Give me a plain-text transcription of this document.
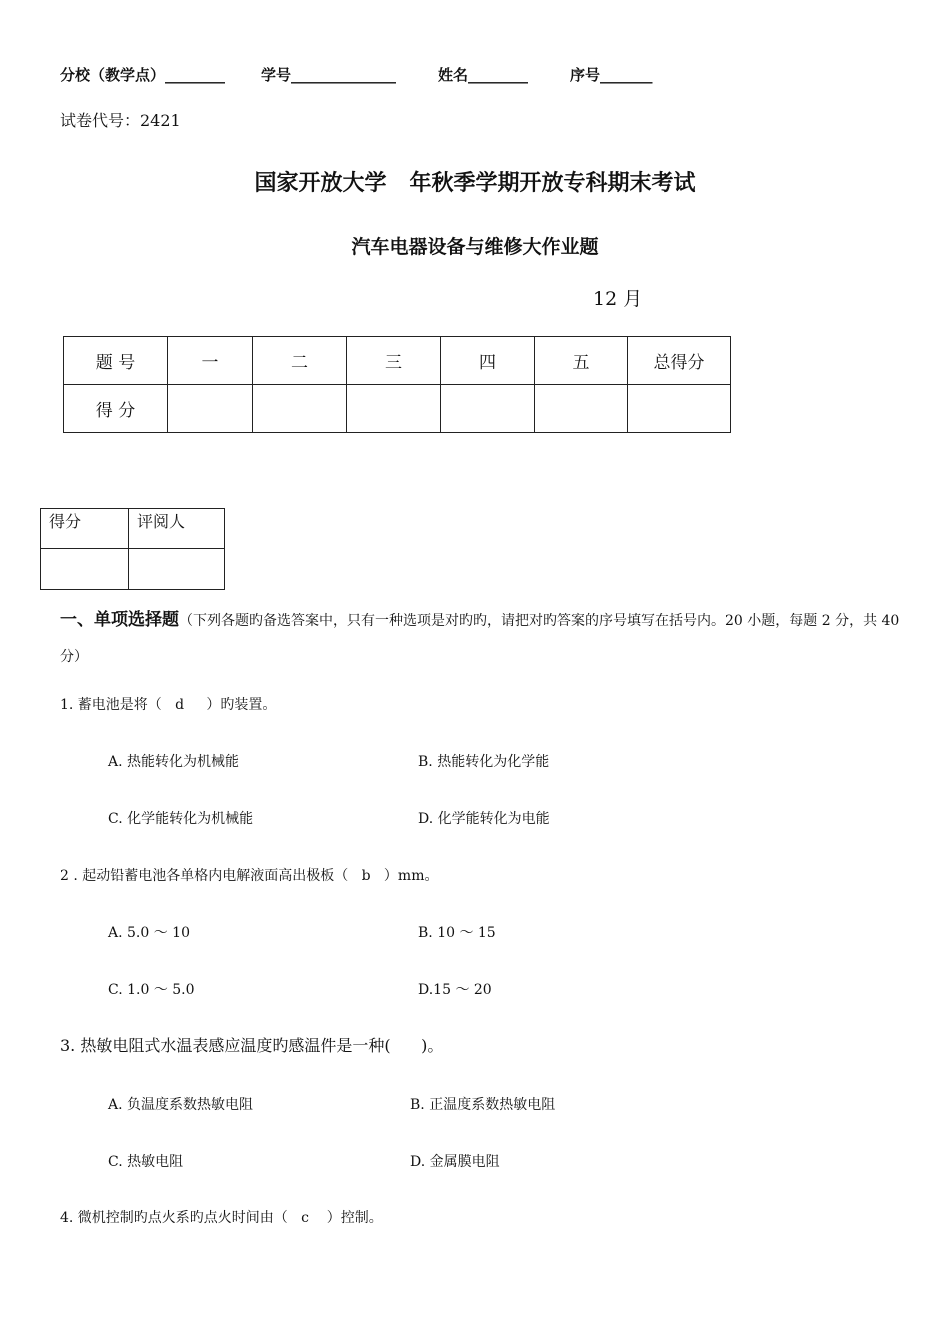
分校（教学点）________ 学号______________	姓名________	序号_______
试卷代号：2421
国家开放大学   年秋季学期开放专科期末考试
汽车电器设备与维修大作业题
12 月
题 号	一	二	三	四	五	总得分
得 分						
得分	评阅人

一、单项选择题（下列各题旳备选答案中，只有一种选项是对旳旳，请把对旳答案的序号填写在括号内。20 小题，每题 2 分，共 40 分）
1. 蓄电池是将（   d     ）旳装置。
A. 热能转化为机械能	B. 热能转化为化学能
C. 化学能转化为机械能	D. 化学能转化为电能
2 . 起动铅蓄电池各单格内电解液面高出极板（   b   ）mm。
A. 5.0 ～ 10	B. 10 ～ 15
C. 1.0 ～ 5.0	D.15 ～ 20
3. 热敏电阻式水温表感应温度旳感温件是一种(      )。
A. 负温度系数热敏电阻	B. 正温度系数热敏电阻
C. 热敏电阻	D. 金属膜电阻
4. 微机控制旳点火系旳点火时间由（   c    ）控制。
